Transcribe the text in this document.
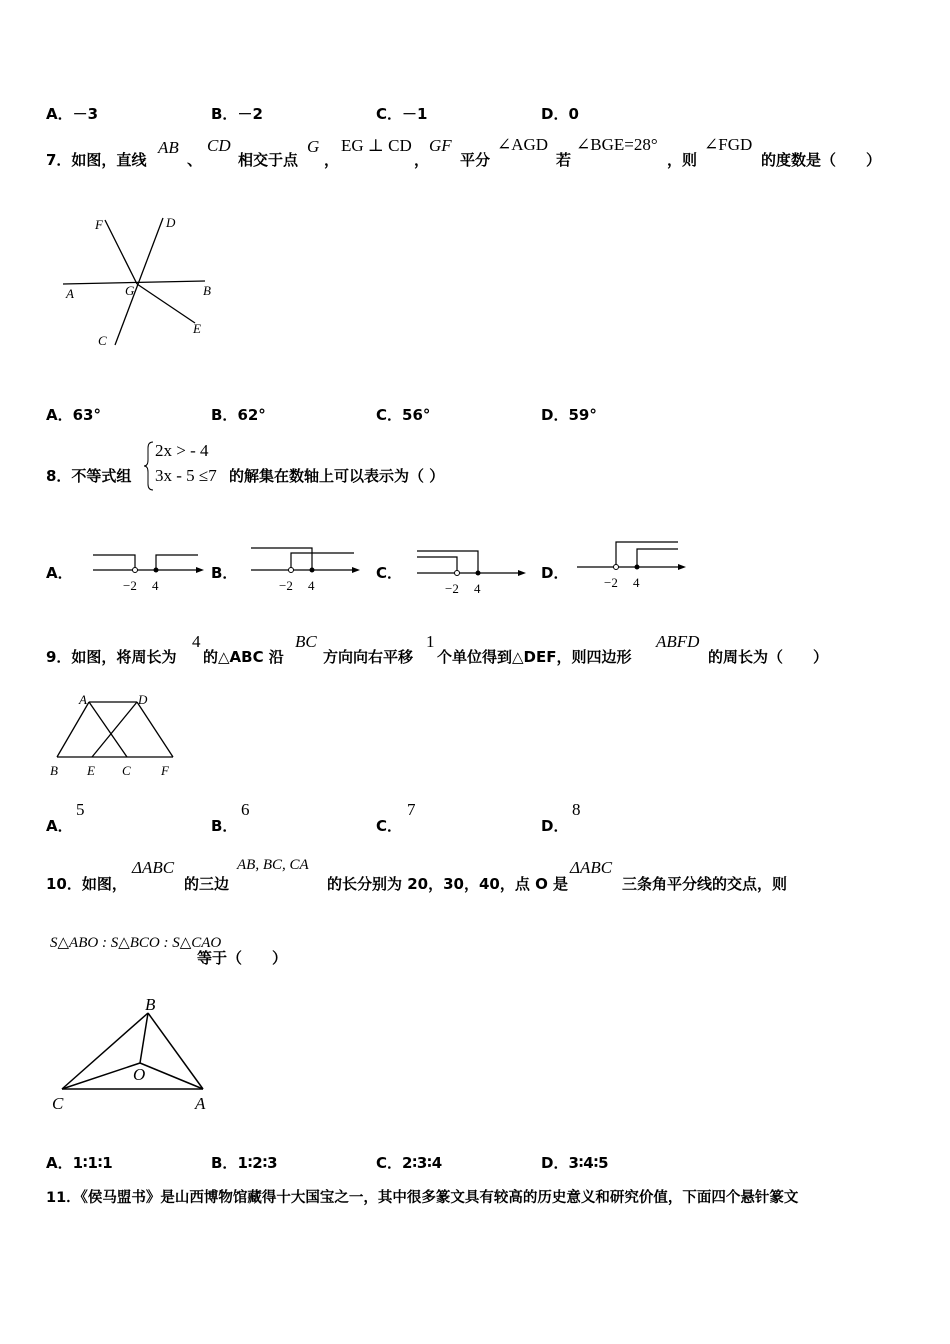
A．－3	B．－2	C．－1	D．0
7．如图，直线
AB
、
CD
相交于点
G
，
EG ⊥ CD
，
GF
平分
∠AGD
若
∠BGE=28°
，则
∠FGD
的度数是（　　）
F	D
A	G	B
C
E
A．63°	B．62°	C．56°	D．59°
8．不等式组
2x > - 4
3x - 5 ≤7 的解集在数轴上可以表示为（ ）
A．
−2 4
B．
−2 4
C．
−2 4
D．
−2 4
9．如图，将周长为
4
的△ABC 沿
BC
方向向右平移
1
个单位得到△DEF，则四边形
ABFD
的周长为（　　）
A	D
B E C F
A．
5
B．
6
C．
7
D．
8
10．如图，
ΔABC
的三边
AB, BC, CA
的长分别为 20，30，40，点 O 是
ΔABC
三条角平分线的交点，则
S△ABO : S△BCO : S△CAO
等于（　　）
B
O
C	A
A．1∶1∶1	B．1∶2∶3	C．2∶3∶4	D．3∶4∶5
11．《侯马盟书》是山西博物馆藏得十大国宝之一，其中很多篆文具有较高的历史意义和研究价值，下面四个悬针篆文
